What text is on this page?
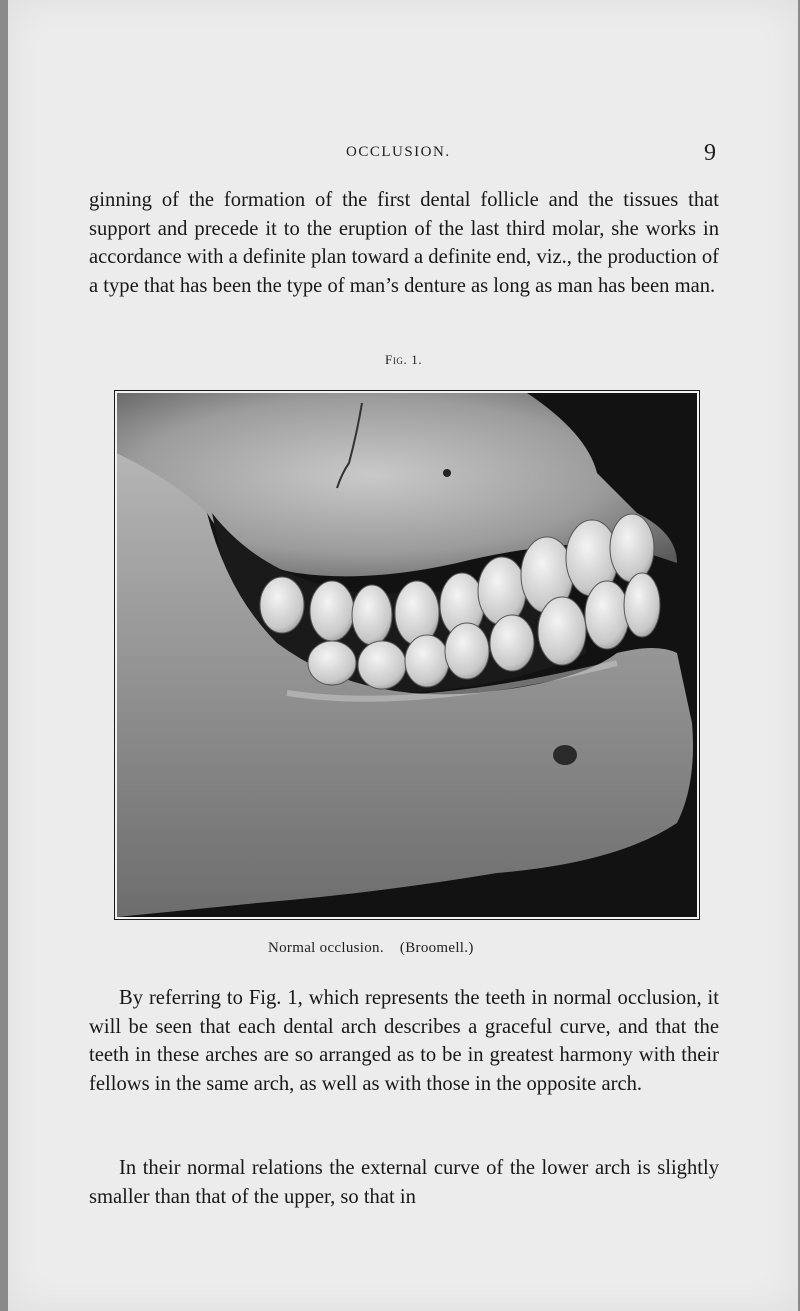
OCCLUSION.	9

ginning of the formation of the first dental follicle and the tissues that support and precede it to the eruption of the last third molar, she works in accordance with a definite plan toward a definite end, viz., the production of a type that has been the type of man’s denture as long as man has been man.

Fig. 1.
Normal occlusion. (Broomell.)

By referring to Fig. 1, which represents the teeth in normal occlusion, it will be seen that each dental arch describes a graceful curve, and that the teeth in these arches are so arranged as to be in greatest harmony with their fellows in the same arch, as well as with those in the opposite arch.

In their normal relations the external curve of the lower arch is slightly smaller than that of the upper, so that in
